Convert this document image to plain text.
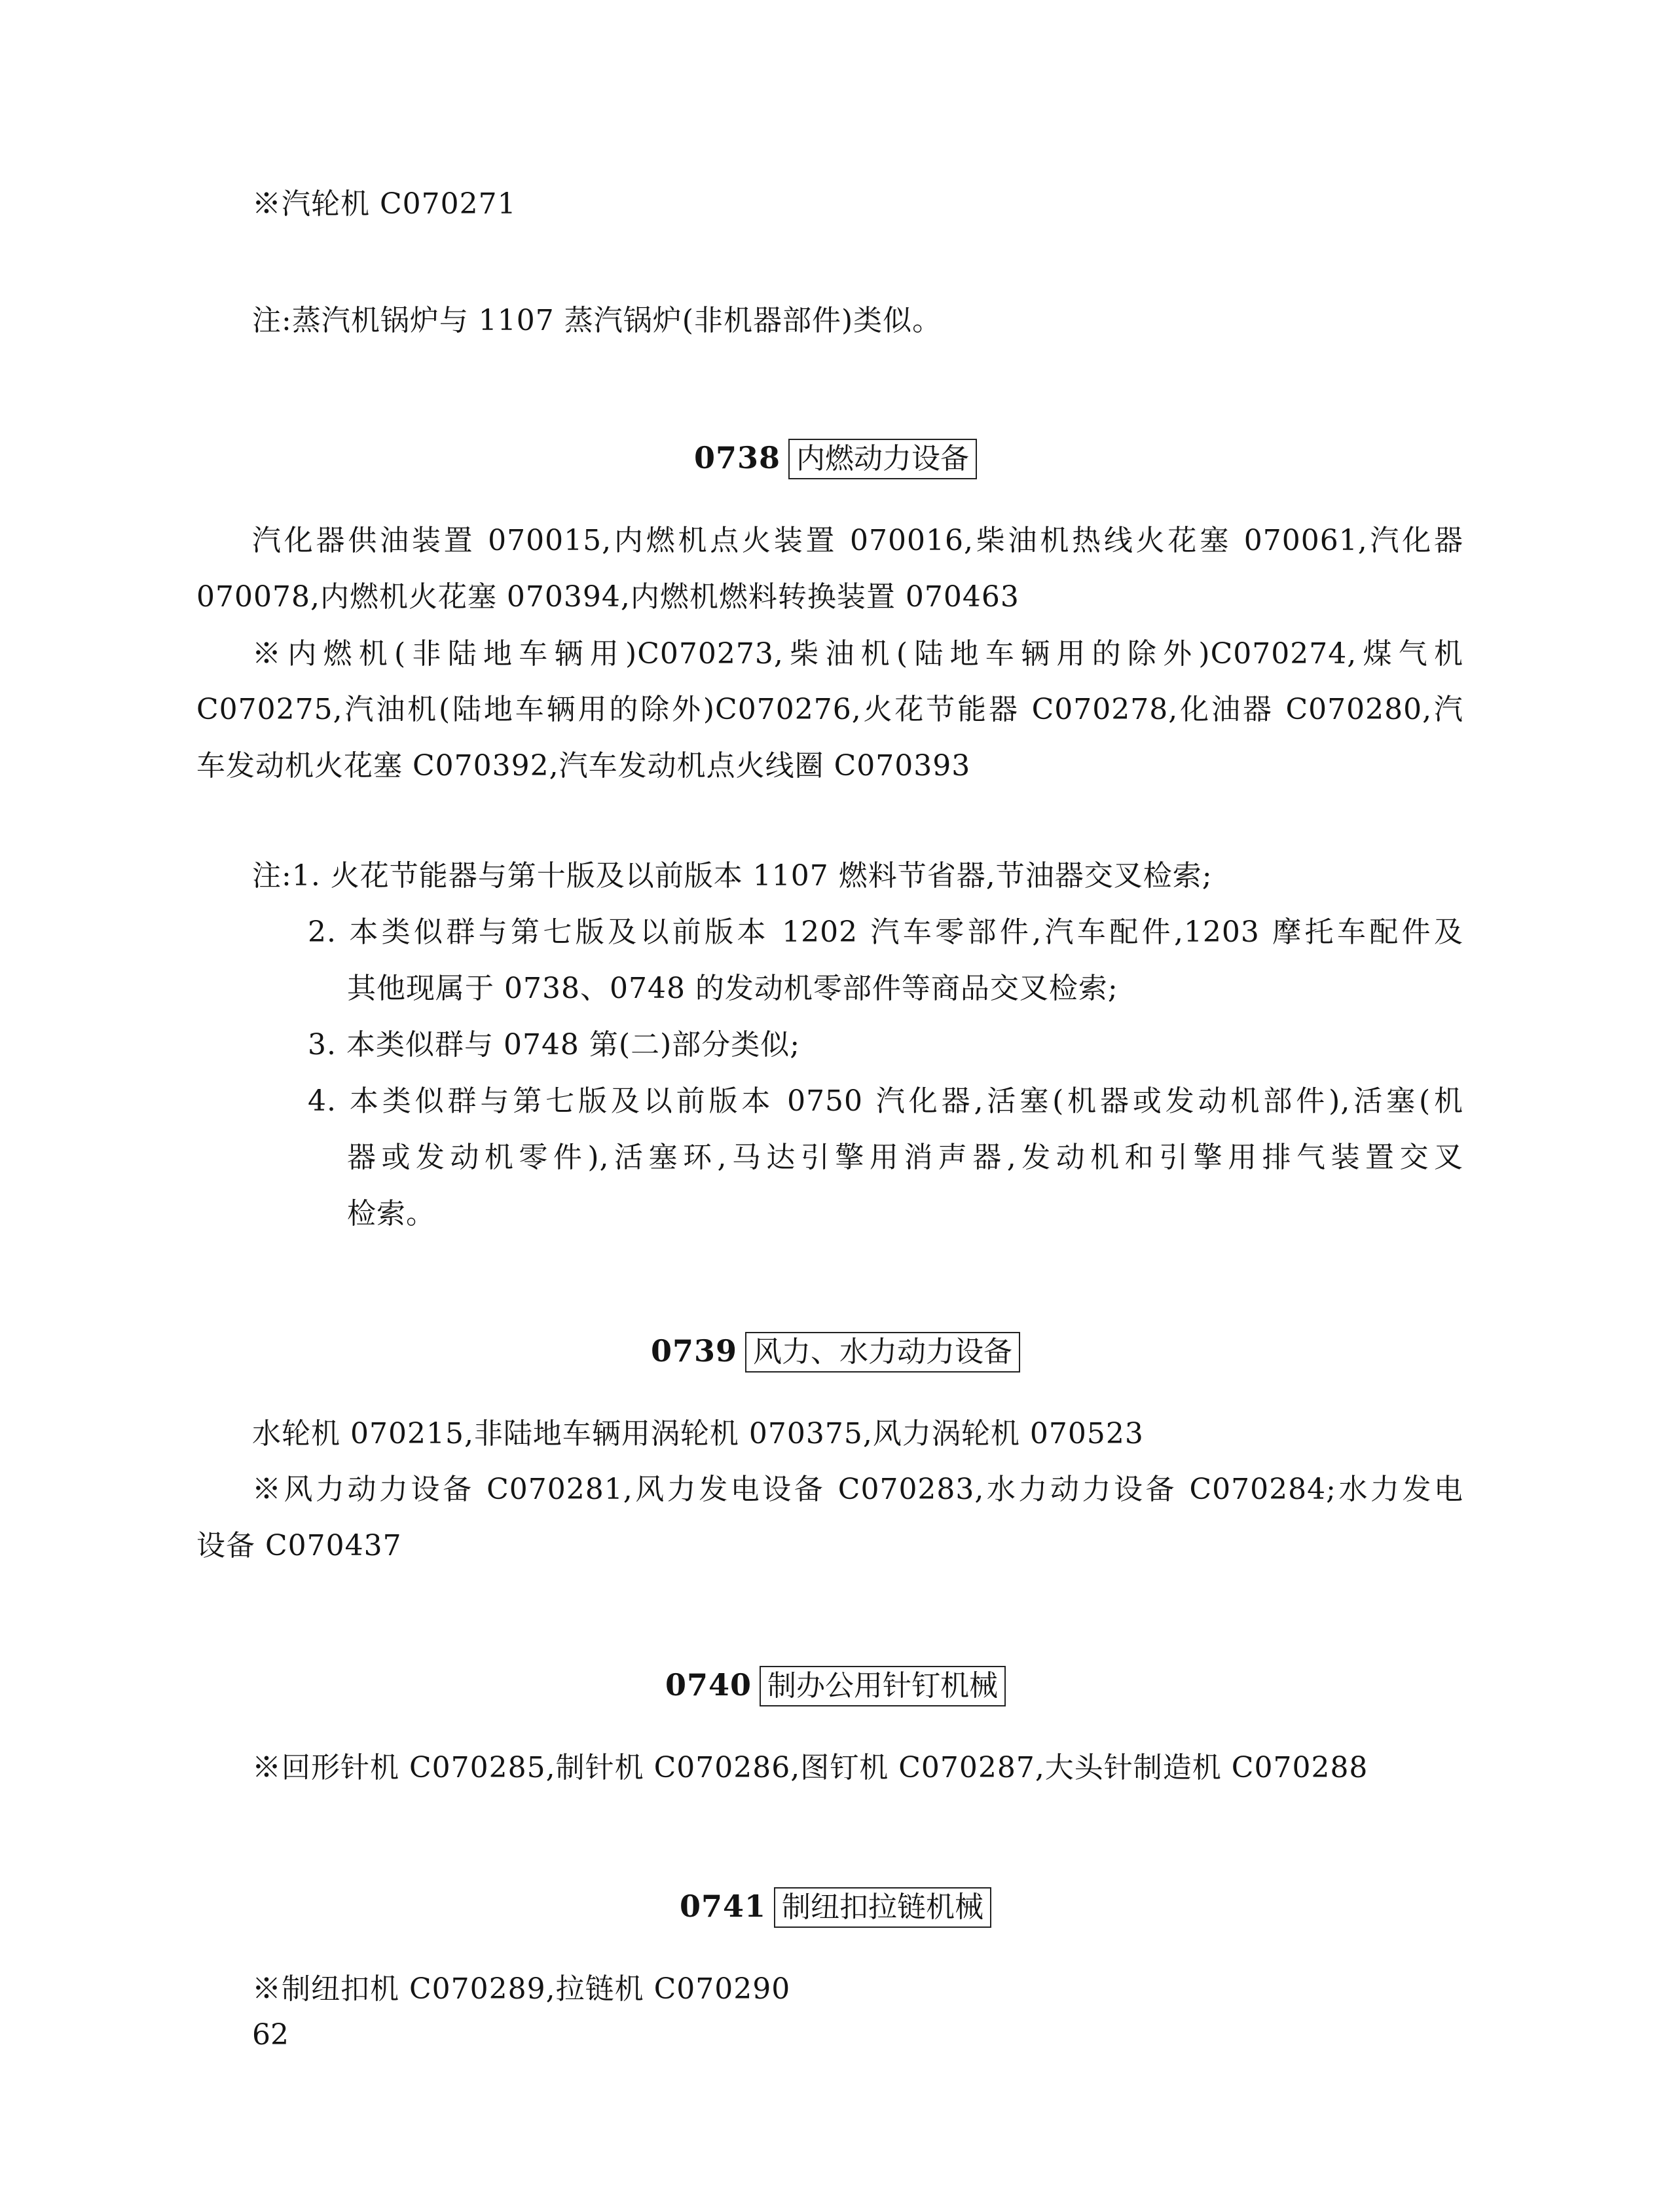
※汽轮机 C070271
注:蒸汽机锅炉与 1107 蒸汽锅炉(非机器部件)类似。
0738 内燃动力设备
汽化器供油装置 070015,内燃机点火装置 070016,柴油机热线火花塞 070061,汽化器
070078,内燃机火花塞 070394,内燃机燃料转换装置 070463
※内燃机(非陆地车辆用)C070273,柴油机(陆地车辆用的除外)C070274,煤气机
C070275,汽油机(陆地车辆用的除外)C070276,火花节能器 C070278,化油器 C070280,汽
车发动机火花塞 C070392,汽车发动机点火线圈 C070393
注:1. 火花节能器与第十版及以前版本 1107 燃料节省器,节油器交叉检索;
2. 本类似群与第七版及以前版本 1202 汽车零部件,汽车配件,1203 摩托车配件及
其他现属于 0738、0748 的发动机零部件等商品交叉检索;
3. 本类似群与 0748 第(二)部分类似;
4. 本类似群与第七版及以前版本 0750 汽化器,活塞(机器或发动机部件),活塞(机
器或发动机零件),活塞环,马达引擎用消声器,发动机和引擎用排气装置交叉
检索。
0739 风力、水力动力设备
水轮机 070215,非陆地车辆用涡轮机 070375,风力涡轮机 070523
※风力动力设备 C070281,风力发电设备 C070283,水力动力设备 C070284;水力发电
设备 C070437
0740 制办公用针钉机械
※回形针机 C070285,制针机 C070286,图钉机 C070287,大头针制造机 C070288
0741 制纽扣拉链机械
※制纽扣机 C070289,拉链机 C070290
62
